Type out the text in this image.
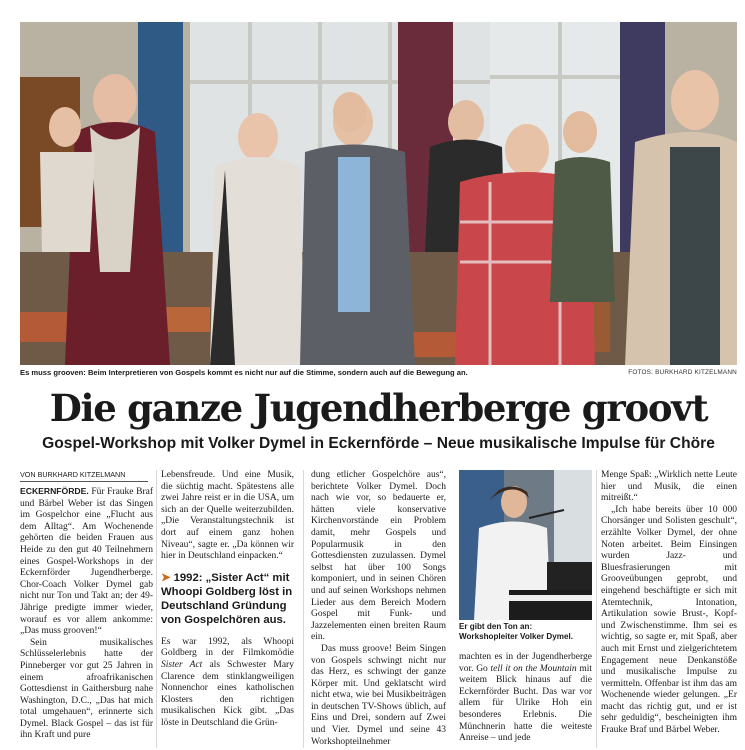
Es muss grooven: Beim Interpretieren von Gospels kommt es nicht nur auf die Stimme, sondern auch auf die Bewegung an.	FOTOS: BURKHARD KITZELMANN
Die ganze Jugendherberge groovt
Gospel-Workshop mit Volker Dymel in Eckernförde – Neue musikalische Impulse für Chöre
VON BURKHARD KITZELMANN

ECKERNFÖRDE. Für Frauke Braf und Bärbel Weber ist das Singen im Gospelchor eine „Flucht aus dem Alltag“. Am Wochenende gehörten die beiden Frauen aus Heide zu den gut 40 Teilnehmern eines Gospel-Workshops in der Eckernförder Jugendherberge. Chor-Coach Volker Dymel gab nicht nur Ton und Takt an; der 49-Jährige predigte immer wieder, worauf es vor allem ankomme: „Das muss grooven!“

Sein musikalisches Schlüsselerlebnis hatte der Pinneberger vor gut 25 Jahren in einem afroafrikanischen Gottesdienst in Gaithersburg nahe Washington, D.C., „Das hat mich total umgehauen“, erinnerte sich Dymel. Black Gospel – das ist für ihn Kraft und pure

Lebensfreude. Und eine Musik, die süchtig macht. Spätestens alle zwei Jahre reist er in die USA, um sich an der Quelle weiterzubilden. „Die Veranstaltungstechnik ist dort auf einem ganz hohen Niveau“, sagte er. „Da können wir hier in Deutschland einpacken.“

➤ 1992: „Sister Act“ mit Whoopi Goldberg löst in Deutschland Gründung von Gospelchören aus.

Es war 1992, als Whoopi Goldberg in der Filmkomödie Sister Act als Schwester Mary Clarence dem stinklangweiligen Nonnenchor eines katholischen Klosters den richtigen musikalischen Kick gibt. „Das löste in Deutschland die Grün-

dung etlicher Gospelchöre aus“, berichtete Volker Dymel. Doch nach wie vor, so bedauerte er, hätten viele konservative Kirchenvorstände ein Problem damit, mehr Gospels und Popularmusik in den Gottesdiensten zuzulassen. Dymel selbst hat über 100 Songs komponiert, und in seinen Chören und auf seinen Workshops nehmen Lieder aus dem Bereich Modern Gospel mit Funk- und Jazzelementen einen breiten Raum ein.

Das muss groove! Beim Singen von Gospels schwingt nicht nur das Herz, es schwingt der ganze Körper mit. Und geklatscht wird nicht etwa, wie bei Musikbeiträgen in deutschen TV-Shows üblich, auf Eins und Drei, sondern auf Zwei und Vier. Dymel und seine 43 Workshopteilnehmer

Er gibt den Ton an: Workshopleiter Volker Dymel.

machten es in der Jugendherberge vor. Go tell it on the Mountain mit weitem Blick hinaus auf die Eckernförder Bucht. Das war vor allem für Ulrike Hoh ein besonderes Erlebnis. Die Münchnerin hatte die weiteste Anreise – und jede

Menge Spaß: „Wirklich nette Leute hier und Musik, die einen mitreißt.“

„Ich habe bereits über 10 000 Chorsänger und Solisten geschult“, erzählte Volker Dymel, der ohne Noten arbeitet. Beim Einsingen wurden Jazz- und Bluesfrasierungen mit Grooveübungen geprobt, und eingehend beschäftigte er sich mit Atemtechnik, Intonation, Artikulation sowie Brust-, Kopf- und Zwischenstimme. Ihm sei es wichtig, so sagte er, mit Spaß, aber auch mit Ernst und zielgerichtetem Engagement neue Denkanstöße und musikalische Impulse zu vermitteln. Offenbar ist ihm das am Wochenende wieder gelungen. „Er macht das richtig gut, und er ist sehr geduldig“, bescheinigten ihm Frauke Braf und Bärbel Weber.
